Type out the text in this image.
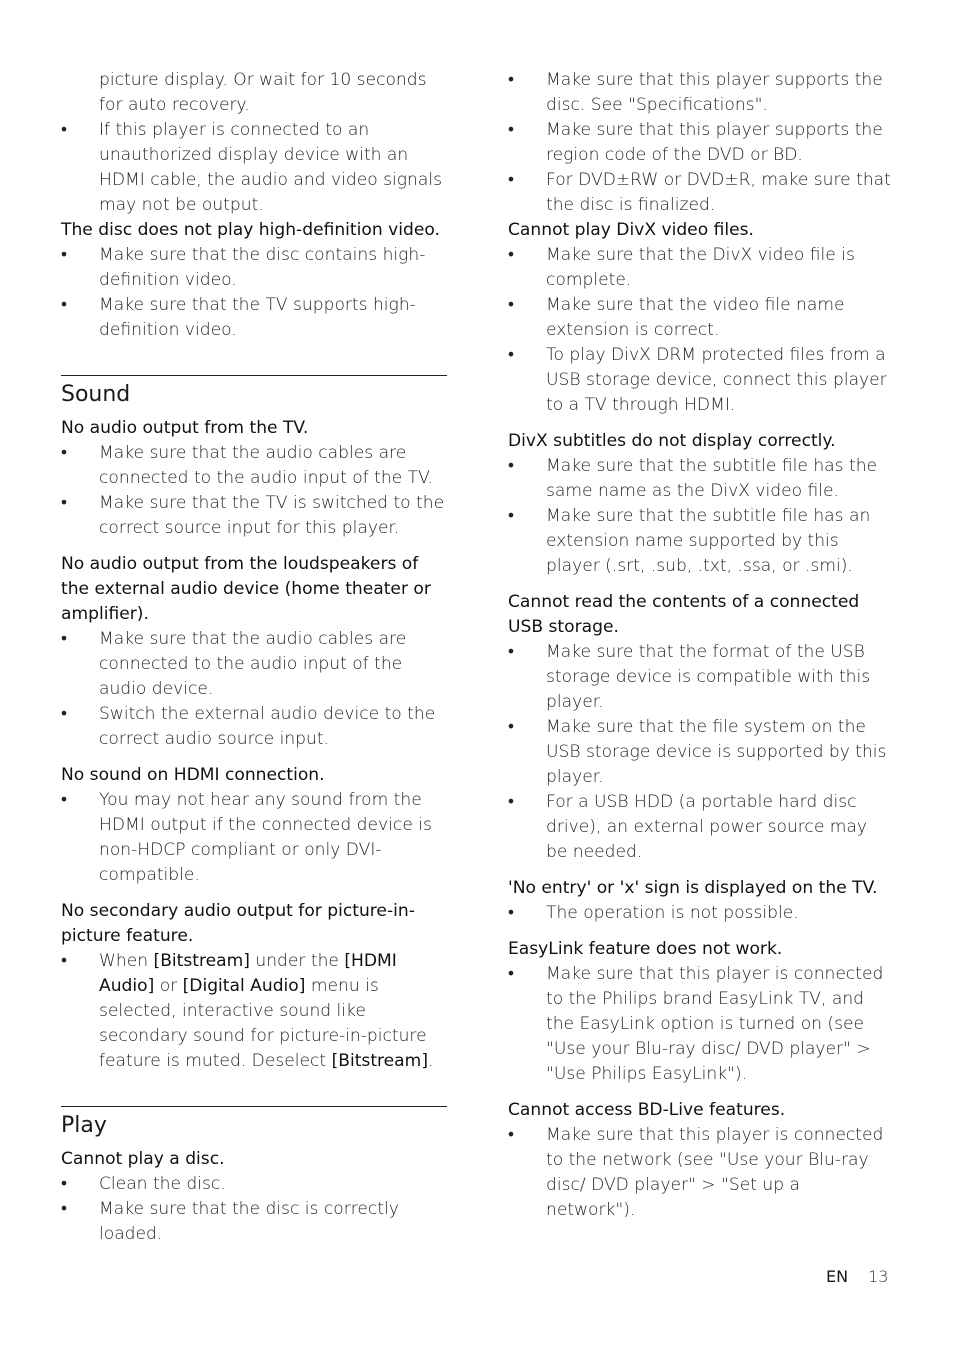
picture display. Or wait for 10 seconds for auto recovery.

• If this player is connected to an unauthorized display device with an HDMI cable, the audio and video signals may not be output.

The disc does not play high-definition video.

• Make sure that the disc contains high-definition video.
• Make sure that the TV supports high-definition video.
Sound

No audio output from the TV.

• Make sure that the audio cables are connected to the audio input of the TV.
• Make sure that the TV is switched to the correct source input for this player.

No audio output from the loudspeakers of the external audio device (home theater or amplifier).

• Make sure that the audio cables are connected to the audio input of the audio device.
• Switch the external audio device to the correct audio source input.

No sound on HDMI connection.

• You may not hear any sound from the HDMI output if the connected device is non-HDCP compliant or only DVI-compatible.

No secondary audio output for picture-in-picture feature.

• When [Bitstream] under the [HDMI Audio] or [Digital Audio] menu is selected, interactive sound like secondary sound for picture-in-picture feature is muted. Deselect [Bitstream].
Play

Cannot play a disc.

• Clean the disc.
• Make sure that the disc is correctly loaded.
• Make sure that this player supports the disc. See "Specifications".
• Make sure that this player supports the region code of the DVD or BD.
• For DVD±RW or DVD±R, make sure that the disc is finalized.

Cannot play DivX video files.

• Make sure that the DivX video file is complete.
• Make sure that the video file name extension is correct.
• To play DivX DRM protected files from a USB storage device, connect this player to a TV through HDMI.

DivX subtitles do not display correctly.

• Make sure that the subtitle file has the same name as the DivX video file.
• Make sure that the subtitle file has an extension name supported by this player (.srt, .sub, .txt, .ssa, or .smi).

Cannot read the contents of a connected USB storage.

• Make sure that the format of the USB storage device is compatible with this player.
• Make sure that the file system on the USB storage device is supported by this player.
• For a USB HDD (a portable hard disc drive), an external power source may be needed.

'No entry' or 'x' sign is displayed on the TV.

• The operation is not possible.

EasyLink feature does not work.

• Make sure that this player is connected to the Philips brand EasyLink TV, and the EasyLink option is turned on (see "Use your Blu-ray disc/ DVD player" > "Use Philips EasyLink").

Cannot access BD-Live features.

• Make sure that this player is connected to the network (see "Use your Blu-ray disc/ DVD player" > "Set up a network").
EN 13
